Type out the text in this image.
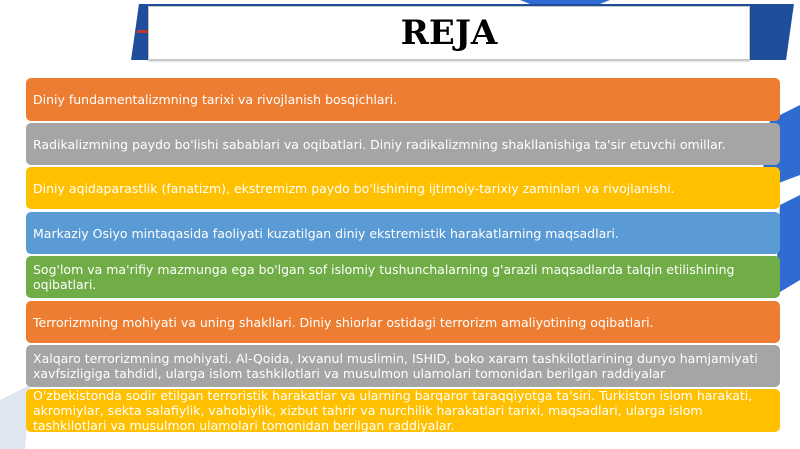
REJA
Diniy fundamentalizmning tarixi va rivojlanish bosqichlari.
Radikalizmning paydo bo'lishi sabablari va oqibatlari. Diniy radikalizmning shakllanishiga ta'sir etuvchi omillar.
Diniy aqidaparastlik (fanatizm), ekstremizm paydo bo'lishining ijtimoiy-tarixiy zaminlari va rivojlanishi.
Markaziy Osiyo mintaqasida faoliyati kuzatilgan diniy ekstremistik harakatlarning maqsadlari.
Sog'lom va ma'rifiy mazmunga ega bo'lgan sof islomiy tushunchalarning g'arazli maqsadlarda talqin etilishining oqibatlari.
Terrorizmning mohiyati va uning shakllari. Diniy shiorlar ostidagi terrorizm amaliyotining oqibatlari.
Xalqaro terrorizmning mohiyati. Al-Qoida, Ixvanul muslimin, ISHID, boko xaram tashkilotlarining dunyo hamjamiyati xavfsizligiga tahdidi, ularga islom tashkilotlari va musulmon ulamolari tomonidan berilgan raddiyalar
O'zbekistonda sodir etilgan terroristik harakatlar va ularning barqaror taraqqiyotga ta'siri. Turkiston islom harakati, akromiylar, sekta salafiylik, vahobiylik, xizbut tahrir va nurchilik harakatlari tarixi, maqsadlari, ularga islom tashkilotlari va musulmon ulamolari tomonidan berilgan raddiyalar.
